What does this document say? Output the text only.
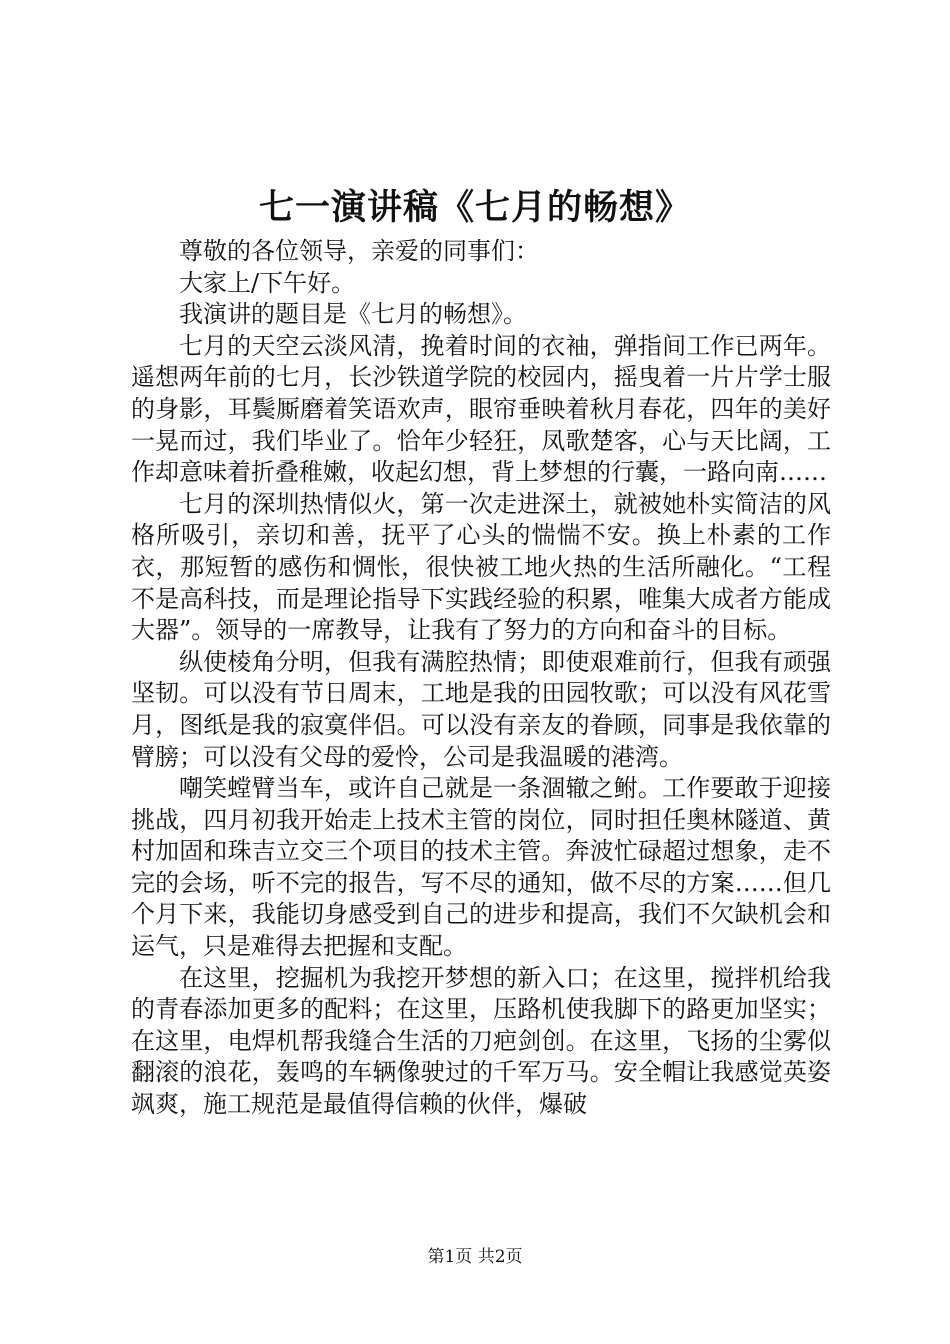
七一演讲稿《七月的畅想》

尊敬的各位领导，亲爱的同事们：

大家上/下午好。

我演讲的题目是《七月的畅想》。

七月的天空云淡风清，挽着时间的衣袖，弹指间工作已两年。遥想两年前的七月，长沙铁道学院的校园内，摇曳着一片片学士服的身影，耳鬓厮磨着笑语欢声，眼帘垂映着秋月春花，四年的美好一晃而过，我们毕业了。恰年少轻狂，凤歌楚客，心与天比阔，工作却意味着折叠稚嫩，收起幻想，背上梦想的行囊，一路向南……

七月的深圳热情似火，第一次走进深土，就被她朴实简洁的风格所吸引，亲切和善，抚平了心头的惴惴不安。换上朴素的工作衣，那短暂的感伤和惆怅，很快被工地火热的生活所融化。“工程不是高科技，而是理论指导下实践经验的积累，唯集大成者方能成大器”。领导的一席教导，让我有了努力的方向和奋斗的目标。

纵使棱角分明，但我有满腔热情；即使艰难前行，但我有顽强坚韧。可以没有节日周末，工地是我的田园牧歌；可以没有风花雪月，图纸是我的寂寞伴侣。可以没有亲友的眷顾，同事是我依靠的臂膀；可以没有父母的爱怜，公司是我温暖的港湾。

嘲笑螳臂当车，或许自己就是一条涸辙之鲋。工作要敢于迎接挑战，四月初我开始走上技术主管的岗位，同时担任奥林隧道、黄村加固和珠吉立交三个项目的技术主管。奔波忙碌超过想象，走不完的会场，听不完的报告，写不尽的通知，做不尽的方案……但几个月下来，我能切身感受到自己的进步和提高，我们不欠缺机会和运气，只是难得去把握和支配。

在这里，挖掘机为我挖开梦想的新入口；在这里，搅拌机给我的青春添加更多的配料；在这里，压路机使我脚下的路更加坚实；在这里，电焊机帮我缝合生活的刀疤剑创。在这里，飞扬的尘雾似翻滚的浪花，轰鸣的车辆像驶过的千军万马。安全帽让我感觉英姿飒爽，施工规范是最值得信赖的伙伴，爆破

第1页 共2页
